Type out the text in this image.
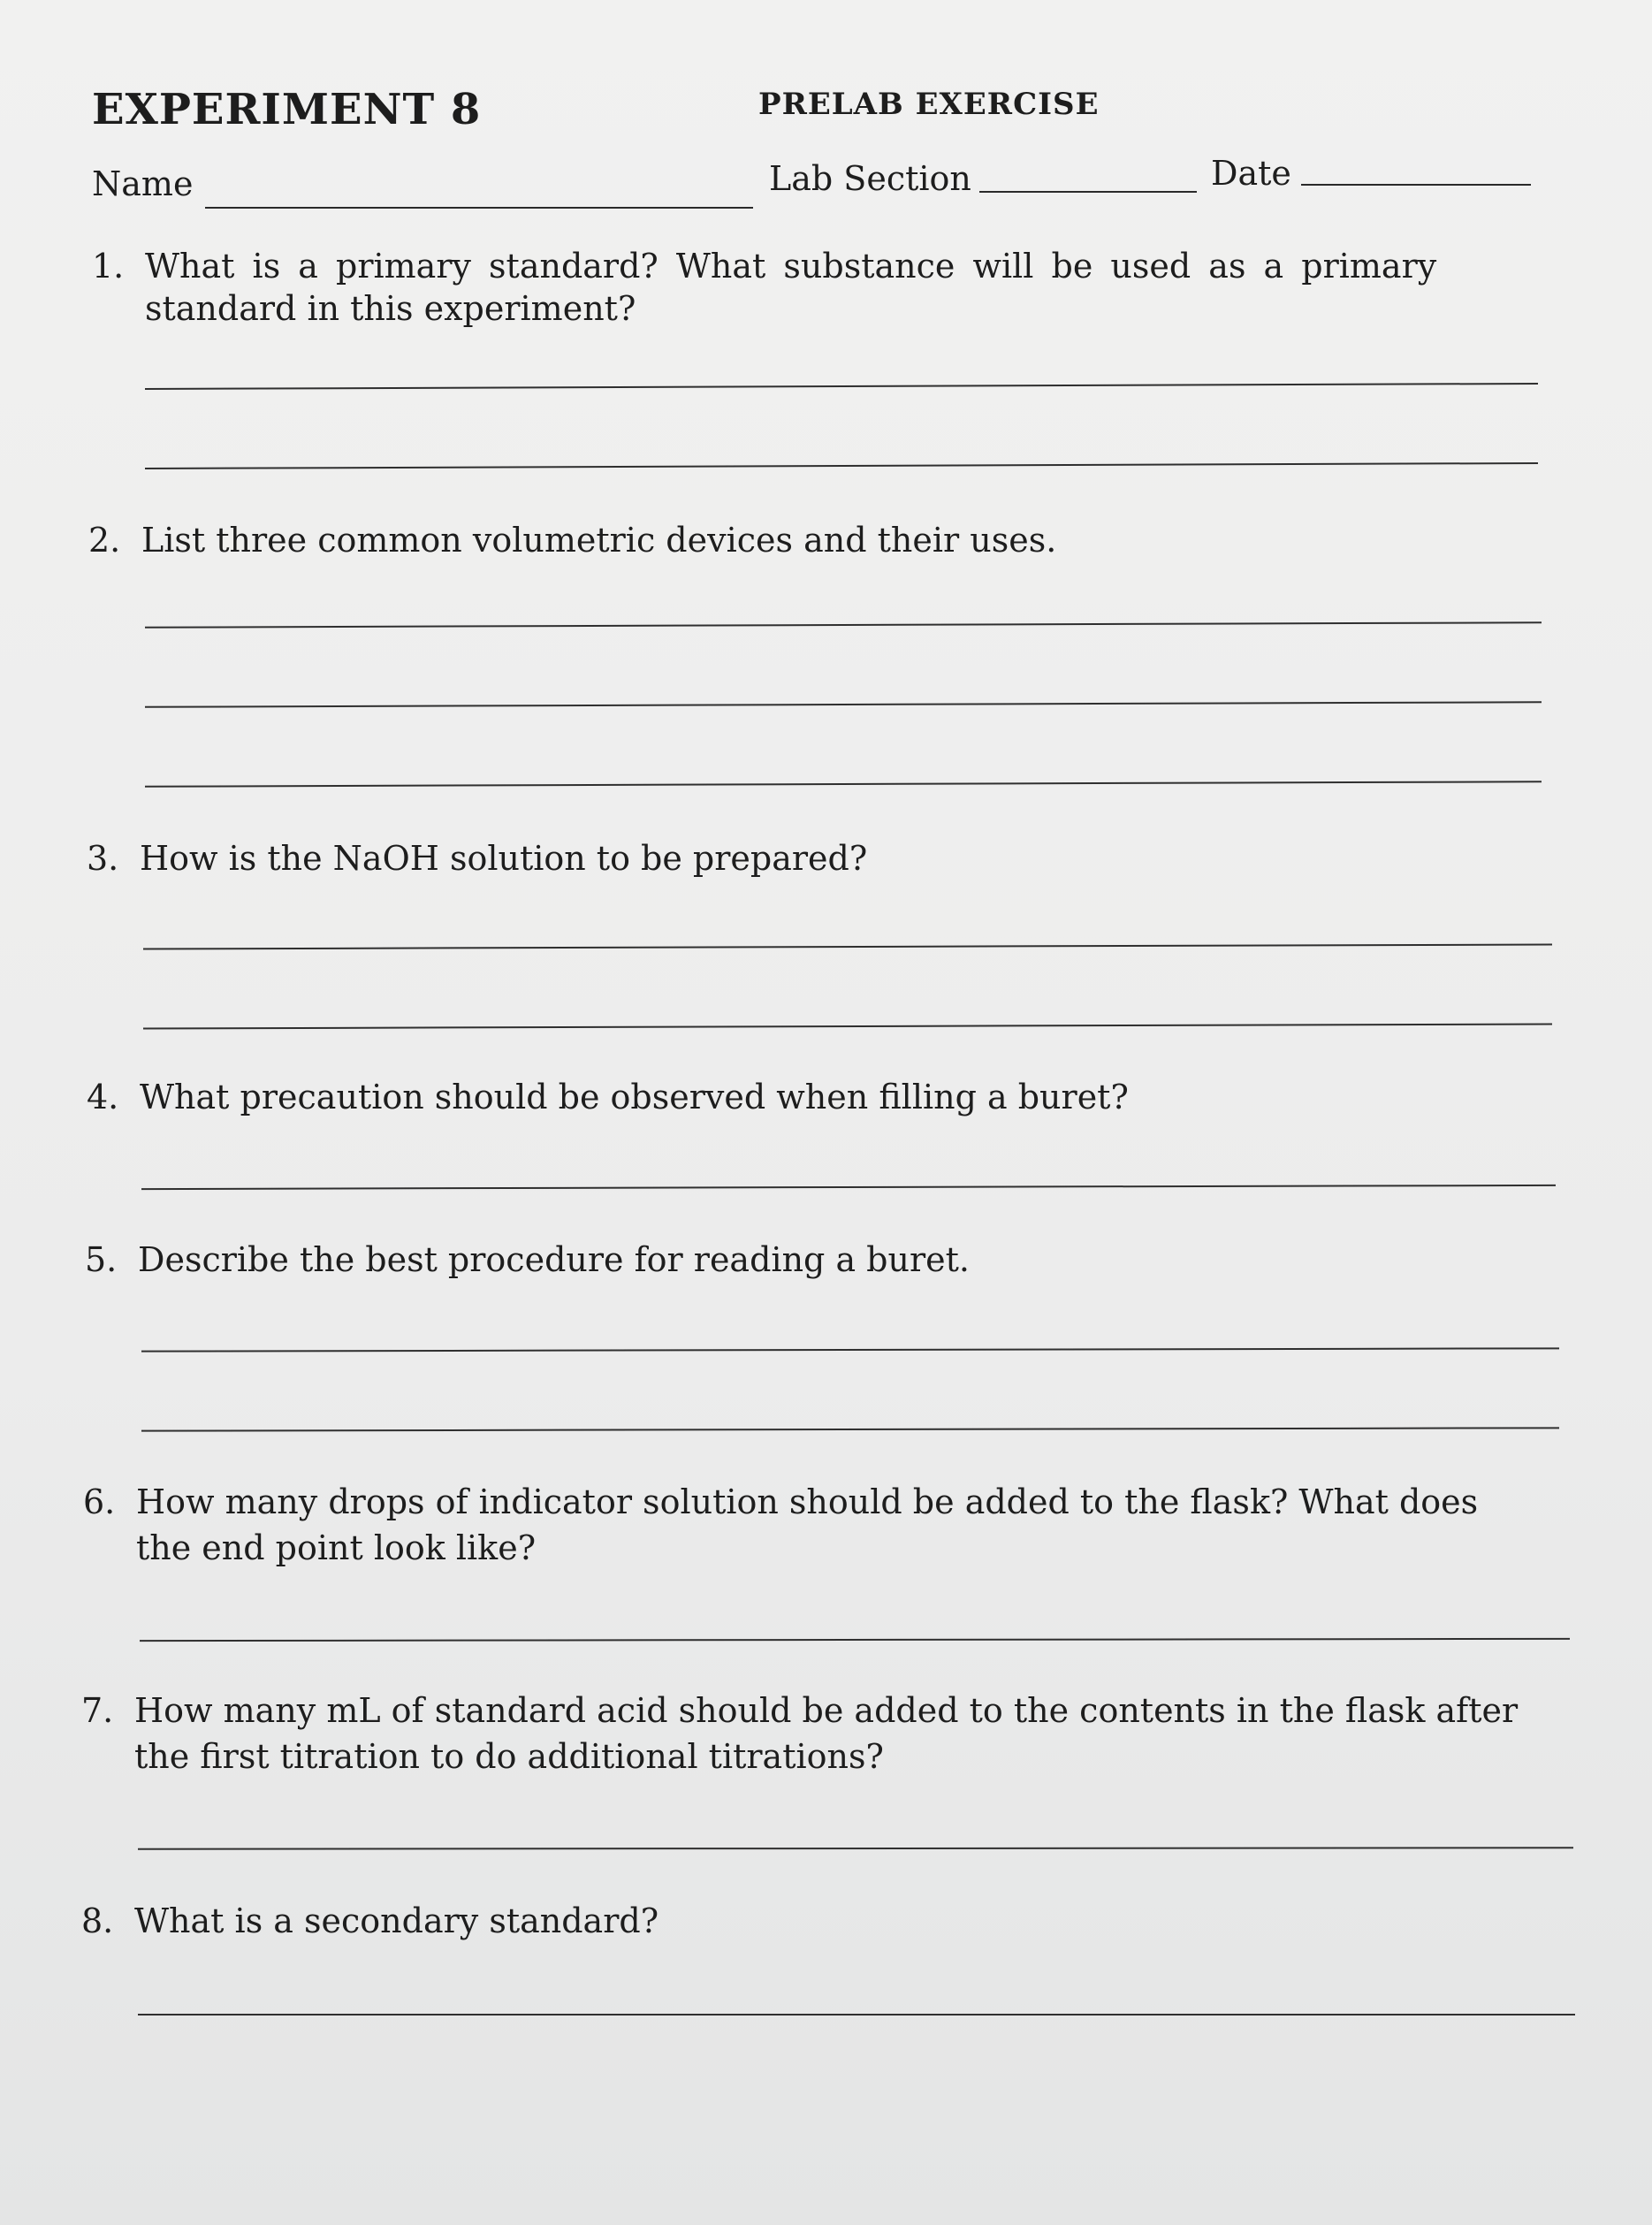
EXPERIMENT 8	PRELAB EXERCISE
Name	Lab Section	Date
1. What is a primary standard? What substance will be used as a primary
standard in this experiment?
2. List three common volumetric devices and their uses.
3. How is the NaOH solution to be prepared?
4. What precaution should be observed when filling a buret?
5. Describe the best procedure for reading a buret.
6. How many drops of indicator solution should be added to the flask? What does
the end point look like?
7. How many mL of standard acid should be added to the contents in the flask after
the first titration to do additional titrations?
8. What is a secondary standard?
